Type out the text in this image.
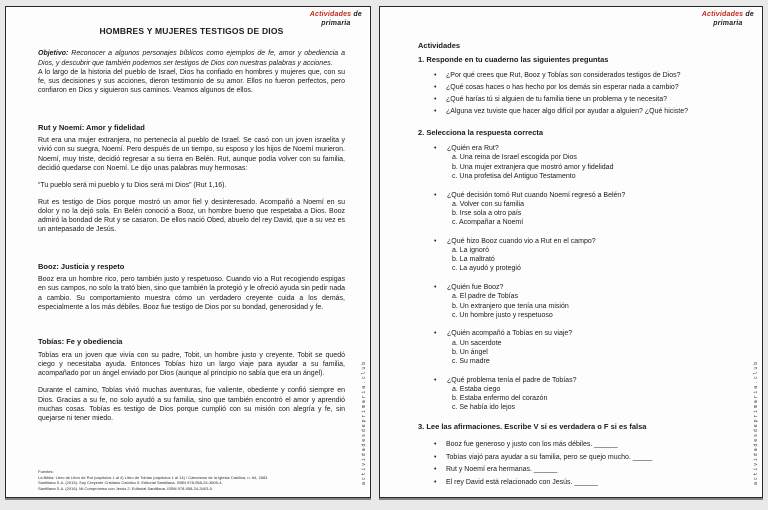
Actividades de
primaria
HOMBRES Y MUJERES TESTIGOS DE DIOS

Objetivo: Reconocer a algunos personajes bíblicos como ejemplos de fe, amor y obediencia a Dios, y descubrir que también podemos ser testigos de Dios con nuestras palabras y acciones.

A lo largo de la historia del pueblo de Israel, Dios ha confiado en hombres y mujeres que, con su fe, sus decisiones y sus acciones, dieron testimonio de su amor. Ellos no fueron perfectos, pero confiaron en Dios y siguieron sus caminos. Veamos algunos de ellos.

Rut y Noemí: Amor y fidelidad

Rut era una mujer extranjera, no pertenecía al pueblo de Israel. Se casó con un joven israelita y vivió con su suegra, Noemí. Pero después de un tiempo, su esposo y los hijos de Noemí murieron. Noemí, muy triste, decidió regresar a su tierra en Belén. Rut, aunque podía volver con su familia, decidió quedarse con Noemí. Le dijo unas palabras muy hermosas:

“Tu pueblo será mi pueblo y tu Dios será mi Dios” (Rut 1,16).

Rut es testigo de Dios porque mostró un amor fiel y desinteresado. Acompañó a Noemí en su dolor y no la dejó sola. En Belén conoció a Booz, un hombre bueno que respetaba a Dios. Booz admiró la bondad de Rut y se casaron. De ellos nació Obed, abuelo del rey David, que a su vez es un antepasado de Jesús.

Booz: Justicia y respeto

Booz era un hombre rico, pero también justo y respetuoso. Cuando vio a Rut recogiendo espigas en sus campos, no solo la trató bien, sino que también la protegió y le ofreció ayuda sin pedir nada a cambio. Su comportamiento muestra cómo un verdadero creyente cuida a los demás, especialmente a los más débiles. Booz fue testigo de Dios por su bondad, generosidad y fe.

Tobías: Fe y obediencia

Tobías era un joven que vivía con su padre, Tobit, un hombre justo y creyente. Tobit se quedó ciego y necesitaba ayuda. Entonces Tobías hizo un largo viaje para ayudar a su familia, acompañado por un ángel enviado por Dios (aunque al principio no sabía que era un ángel).

Durante el camino, Tobías vivió muchas aventuras, fue valiente, obediente y confió siempre en Dios. Gracias a su fe, no solo ayudó a su familia, sino que también encontró el amor y aprendió muchas cosas. Tobías es testigo de Dios porque cumplió con su misión con alegría y fe, sin quejarse ni tener miedo.

Fuentes:
La Biblia: Libro de Libro de Rut (capítulos 1 al 4) Libro de Tobías (capítulos 1 al 14) / Catecismo de la Iglesia Católica, n. 64, 2683
Santillana S.A. (2015). Soy Creyente Cristiano Católico 5. Editorial Santillana. ISBN 978-958-24-3605-4.
Santillana S.A. (2016). Mi Compromiso con Jesús 2. Editorial Santillana. ISBN 978-958-24-3403-5.
actividadesdeprimaria.club
Actividades de
primaria
Actividades
1. Responde en tu cuaderno las siguientes preguntas
• ¿Por qué crees que Rut, Booz y Tobías son considerados testigos de Dios?
• ¿Qué cosas haces o has hecho por los demás sin esperar nada a cambio?
• ¿Qué harías tú si alguien de tu familia tiene un problema y te necesita?
• ¿Alguna vez tuviste que hacer algo difícil por ayudar a alguien? ¿Qué hiciste?
2. Selecciona la respuesta correcta
• ¿Quién era Rut?
a. Una reina de Israel escogida por Dios
b. Una mujer extranjera que mostró amor y fidelidad
c. Una profetisa del Antiguo Testamento
• ¿Qué decisión tomó Rut cuando Noemí regresó a Belén?
a. Volver con su familia
b. Irse sola a otro país
c. Acompañar a Noemí
• ¿Qué hizo Booz cuando vio a Rut en el campo?
a. La ignoró
b. La maltrató
c. La ayudó y protegió
• ¿Quién fue Booz?
a. El padre de Tobías
b. Un extranjero que tenía una misión
c. Un hombre justo y respetuoso
• ¿Quién acompañó a Tobías en su viaje?
a. Un sacerdote
b. Un ángel
c. Su madre
• ¿Qué problema tenía el padre de Tobías?
a. Estaba ciego
b. Estaba enfermo del corazón
c. Se había ido lejos
3. Lee las afirmaciones. Escribe V si es verdadera o F si es falsa
• Booz fue generoso y justo con los más débiles. ______
• Tobías viajó para ayudar a su familia, pero se quejo mucho. _____
• Rut y Noemí era hermanas. ______
• El rey David está relacionado con Jesús. ______	actividadesdeprimaria.club
